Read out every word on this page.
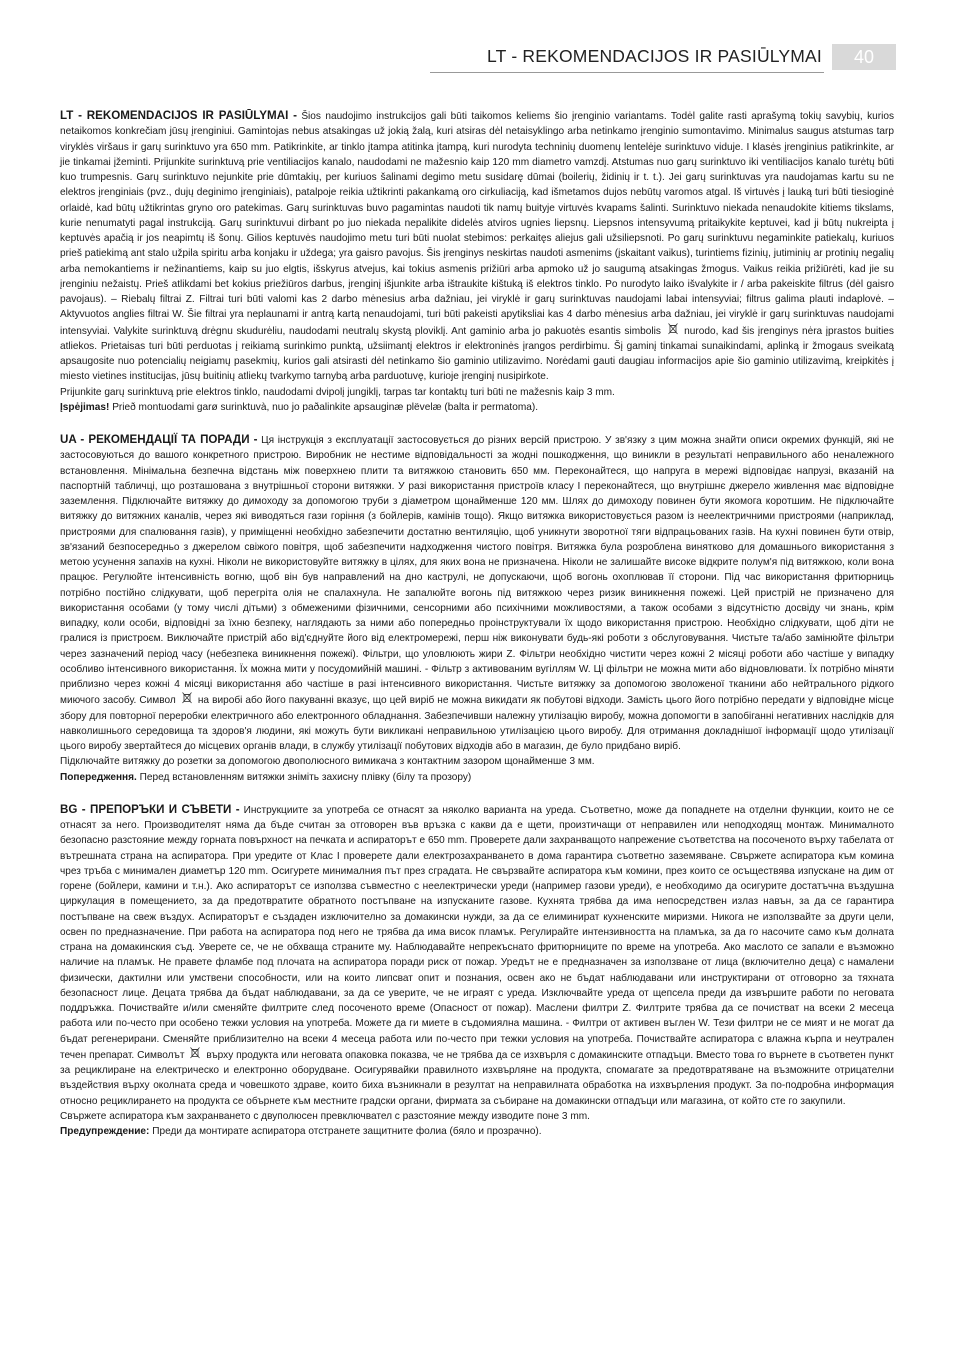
LT - REKOMENDACIJOS IR PASIŪLYMAI	40

LT - REKOMENDACIJOS IR PASIŪLYMAI - Šios naudojimo instrukcijos gali būti taikomos keliems šio įrenginio variantams. Todėl galite rasti aprašymą tokių savybių, kurios netaikomos konkrečiam jūsų įrenginiui. Gamintojas nebus atsakingas už jokią žalą, kuri atsiras dėl netaisyklingo arba netinkamo įrenginio sumontavimo. Minimalus saugus atstumas tarp viryklės viršaus ir garų surinktuvo yra 650 mm. Patikrinkite, ar tinklo įtampa atitinka įtampą, kuri nurodyta techninių duomenų lentelėje surinktuvo viduje. I klasės įrenginius patikrinkite, ar jie tinkamai įžeminti. Prijunkite surinktuvą prie ventiliacijos kanalo, naudodami ne mažesnio kaip 120 mm diametro vamzdį. Atstumas nuo garų surinktuvo iki ventiliacijos kanalo turėtų būti kuo trumpesnis. Garų surinktuvo nejunkite prie dūmtakių, per kuriuos šalinami degimo metu susidarę dūmai (boilerių, židinių ir t. t.). Jei garų surinktuvas yra naudojamas kartu su ne elektros įrenginiais (pvz., dujų deginimo įrenginiais), patalpoje reikia užtikrinti pakankamą oro cirkuliaciją, kad išmetamos dujos nebūtų varomos atgal. Iš virtuvės į lauką turi būti tiesioginė orlaidė, kad būtų užtikrintas gryno oro patekimas. Garų surinktuvas buvo pagamintas naudoti tik namų buityje virtuvės kvapams šalinti. Surinktuvo niekada nenaudokite kitiems tikslams, kurie nenumatyti pagal instrukciją. Garų surinktuvui dirbant po juo niekada nepalikite didelės atviros ugnies liepsnų. Liepsnos intensyvumą pritaikykite keptuvei, kad ji būtų nukreipta į keptuvės apačią ir jos neapimtų iš šonų. Gilios keptuvės naudojimo metu turi būti nuolat stebimos: perkaitęs aliejus gali užsiliepsnoti. Po garų surinktuvu negaminkite patiekalų, kuriuos prieš patiekimą ant stalo užpila spiritu arba konjaku ir uždega; yra gaisro pavojus. Šis įrenginys neskirtas naudoti asmenims (įskaitant vaikus), turintiems fizinių, jutiminių ar protinių negalių arba nemokantiems ir nežinantiems, kaip su juo elgtis, išskyrus atvejus, kai tokius asmenis prižiūri arba apmoko už jo saugumą atsakingas žmogus. Vaikus reikia prižiūrėti, kad jie su įrenginiu nežaistų. Prieš atlikdami bet kokius priežiūros darbus, įrenginį išjunkite arba ištraukite kištuką iš elektros tinklo. Po nurodyto laiko išvalykite ir / arba pakeiskite filtrus (dėl gaisro pavojaus). – Riebalų filtrai Z. Filtrai turi būti valomi kas 2 darbo mėnesius arba dažniau, jei viryklė ir garų surinktuvas naudojami labai intensyviai; filtrus galima plauti indaplovė. – Aktyvuotos anglies filtrai W. Šie filtrai yra neplaunami ir antrą kartą nenaudojami, turi būti pakeisti apytiksliai kas 4 darbo mėnesius arba dažniau, jei viryklė ir garų surinktuvas naudojami intensyviai. Valykite surinktuvą drėgnu skudurėliu, naudodami neutralų skystą ploviklį. Ant gaminio arba jo pakuotės esantis simbolis nurodo, kad šis įrenginys nėra įprastos buities atliekos. Prietaisas turi būti perduotas į reikiamą surinkimo punktą, užsiimantį elektros ir elektroninės įrangos perdirbimu. Šį gaminį tinkamai sunaikindami, aplinką ir žmogaus sveikatą apsaugosite nuo potencialių neigiamų pasekmių, kurios gali atsirasti dėl netinkamo šio gaminio utilizavimo. Norėdami gauti daugiau informacijos apie šio gaminio utilizavimą, kreipkitės į miesto vietines institucijas, jūsų buitinių atliekų tvarkymo tarnybą arba parduotuvę, kurioje įrenginį nusipirkote.

Prijunkite garų surinktuvą prie elektros tinklo, naudodami dvipolį jungiklį, tarpas tar kontaktų turi būti ne mažesnis kaip 3 mm.

Įspėjimas! Prieð montuodami garø surinktuvà, nuo jo paðalinkite apsauginæ plëvelæ (balta ir permatoma).

UA - РЕКОМЕНДАЦІЇ ТА ПОРАДИ - Ця інструкція з експлуатації застосовується до різних версій пристрою. У зв'язку з цим можна знайти описи окремих функцій, які не застосовуються до вашого конкретного пристрою. Виробник не нестиме відповідальності за жодні пошкодження, що виникли в результаті неправильного або неналежного встановлення. Мінімальна безпечна відстань між поверхнею плити та витяжкою становить 650 мм. Переконайтеся, що напруга в мережі відповідає напрузі, вказаній на паспортній табличці, що розташована з внутрішньої сторони витяжки. У разі використання пристроїв класу І переконайтеся, що внутрішнє джерело живлення має відповідне заземлення. Підключайте витяжку до димоходу за допомогою труби з діаметром щонайменше 120 мм. Шлях до димоходу повинен бути якомога коротшим. Не підключайте витяжку до витяжних каналів, через які виводяться гази горіння (з бойлерів, камінів тощо). Якщо витяжка використовується разом із неелектричними пристроями (наприклад, пристроями для спалювання газів), у приміщенні необхідно забезпечити достатню вентиляцію, щоб уникнути зворотної тяги відпрацьованих газів. На кухні повинен бути отвір, зв'язаний безпосередньо з джерелом свіжого повітря, щоб забезпечити надходження чистого повітря. Витяжка була розроблена винятково для домашнього використання з метою усунення запахів на кухні. Ніколи не використовуйте витяжку в цілях, для яких вона не призначена. Ніколи не залишайте високе відкрите полум'я під витяжкою, коли вона працює. Регулюйте інтенсивність вогню, щоб він був направлений на дно каструлі, не допускаючи, щоб вогонь охоплював її сторони. Під час використання фритюрниць потрібно постійно слідкувати, щоб перегріта олія не спалахнула. Не запалюйте вогонь під витяжкою через ризик виникнення пожежі. Цей пристрій не призначено для використання особами (у тому числі дітьми) з обмеженими фізичними, сенсорними або психічними можливостями, а також особами з відсутністю досвіду чи знань, крім випадку, коли особи, відповідні за їхню безпеку, наглядають за ними або попередньо проінструктували їх щодо використання пристрою. Необхідно слідкувати, щоб діти не гралися із пристроєм. Виключайте пристрій або від'єднуйте його від електромережі, перш ніж виконувати будь-які роботи з обслуговування. Чистьте та/або замінюйте фільтри через зазначений період часу (небезпека виникнення пожежі). Фільтри, що уловлюють жири Z. Фільтри необхідно чистити через кожні 2 місяці роботи або частіше у випадку особливо інтенсивного використання. Їх можна мити у посудомийній машині. - Фільтр з активованим вугіллям W. Ці фільтри не можна мити або відновлювати. Їх потрібно міняти приблизно через кожні 4 місяці використання або частіше в разі інтенсивного використання. Чистьте витяжку за допомогою зволоженої тканини або нейтрального рідкого миючого засобу. Символ на виробі або його пакуванні вказує, що цей виріб не можна викидати як побутові відходи. Замість цього його потрібно передати у відповідне місце збору для повторної переробки електричного або електронного обладнання. Забезпечивши належну утилізацію виробу, можна допомогти в запобіганні негативних наслідків для навколишнього середовища та здоров'я людини, які можуть бути викликані неправильною утилізацією цього виробу. Для отримання докладнішої інформації щодо утилізації цього виробу звертайтеся до місцевих органів влади, в службу утилізації побутових відходів або в магазин, де було придбано виріб.

Підключайте витяжку до розетки за допомогою двополюсного вимикача з контактним зазором щонайменше 3 мм.

Попередження. Перед встановленням витяжки зніміть захисну плівку (білу та прозору)

BG - ПРЕПОРЪКИ И СЪВЕТИ - Инструкциите за употреба се отнасят за няколко варианта на уреда. Съответно, може да попаднете на отделни функции, които не се отнасят за него. Производителят няма да бъде считан за отговорен във връзка с какви да е щети, произтичащи от неправилен или неподходящ монтаж. Минималното безопасно разстояние между горната повърхност на печката и аспираторът е 650 mm. Проверете дали захранващото напрежение съответства на посоченото върху табелата от вътрешната страна на аспиратора. При уредите от Клас I проверете дали електрозахранването в дома гарантира съответно заземяване. Свържете аспиратора към комина чрез тръба с минимален диаметър 120 mm. Осигурете минималния път през сградата. Не свързвайте аспиратора към комини, през които се осъществява изпускане на дим от горене (бойлери, камини и т.н.). Ако аспираторът се използва съвместно с неелектрически уреди (например газови уреди), е необходимо да осигурите достатъчна въздушна циркулация в помещението, за да предотвратите обратното постъпване на изпусканите газове. Кухнята трябва да има непосредствен излаз навън, за да се гарантира постъпване на свеж въздух. Аспираторът е създаден изключително за домакински нужди, за да се елиминират кухненските миризми. Никога не използвайте за други цели, освен по предназначение. При работа на аспиратора под него не трябва да има висок пламък. Регулирайте интензивността на пламъка, за да го насочите само към долната страна на домакинския съд. Уверете се, че не обхваща страните му. Наблюдавайте непрекъснато фритюрниците по време на употреба. Ако маслото се запали е възможно наличие на пламък. Не правете фламбе под плочата на аспиратора поради риск от пожар. Уредът не е предназначен за използване от лица (включително деца) с намалени физически, дактилни или умствени способности, или на които липсват опит и познания, освен ако не бъдат наблюдавани или инструктирани от отговорно за тяхната безопасност лице. Децата трябва да бъдат наблюдавани, за да се уверите, че не играят с уреда. Изключвайте уреда от щепсела преди да извършите работи по неговата поддръжка. Почиствайте и/или сменяйте филтрите след посоченото време (Опасност от пожар). Маслени филтри Z. Филтрите трябва да се почистват на всеки 2 месеца работа или по-често при особено тежки условия на употреба. Можете да ги миете в съдомиялна машина. - Филтри от активен въглен W. Тези филтри не се мият и не могат да бъдат регенерирани. Сменяйте приблизително на всеки 4 месеца работа или по-често при тежки условия на употреба. Почиствайте аспиратора с влажна кърпа и неутрален течен препарат. Символът върху продукта или неговата опаковка показва, че не трябва да се изхвърля с домакинските отпадъци. Вместо това го върнете в съответен пункт за рециклиране на електрическо и електронно оборудване. Осигурявайки правилното изхвърляне на продукта, спомагате за предотвратяване на възможните отрицателни въздействия върху околната среда и човешкото здраве, които биха възникнали в резултат на неправилната обработка на изхвърления продукт. За по-подробна информация относно рециклирането на продукта се обърнете към местните градски органи, фирмата за събиране на домакински отпадъци или магазина, от който сте го закупили.

Свържете аспиратора към захранването с двуполюсен превключвател с разстояние между изводите поне 3 mm.

Предупреждение: Преди да монтирате аспиратора отстранете защитните фолиа (бяло и прозрачно).
